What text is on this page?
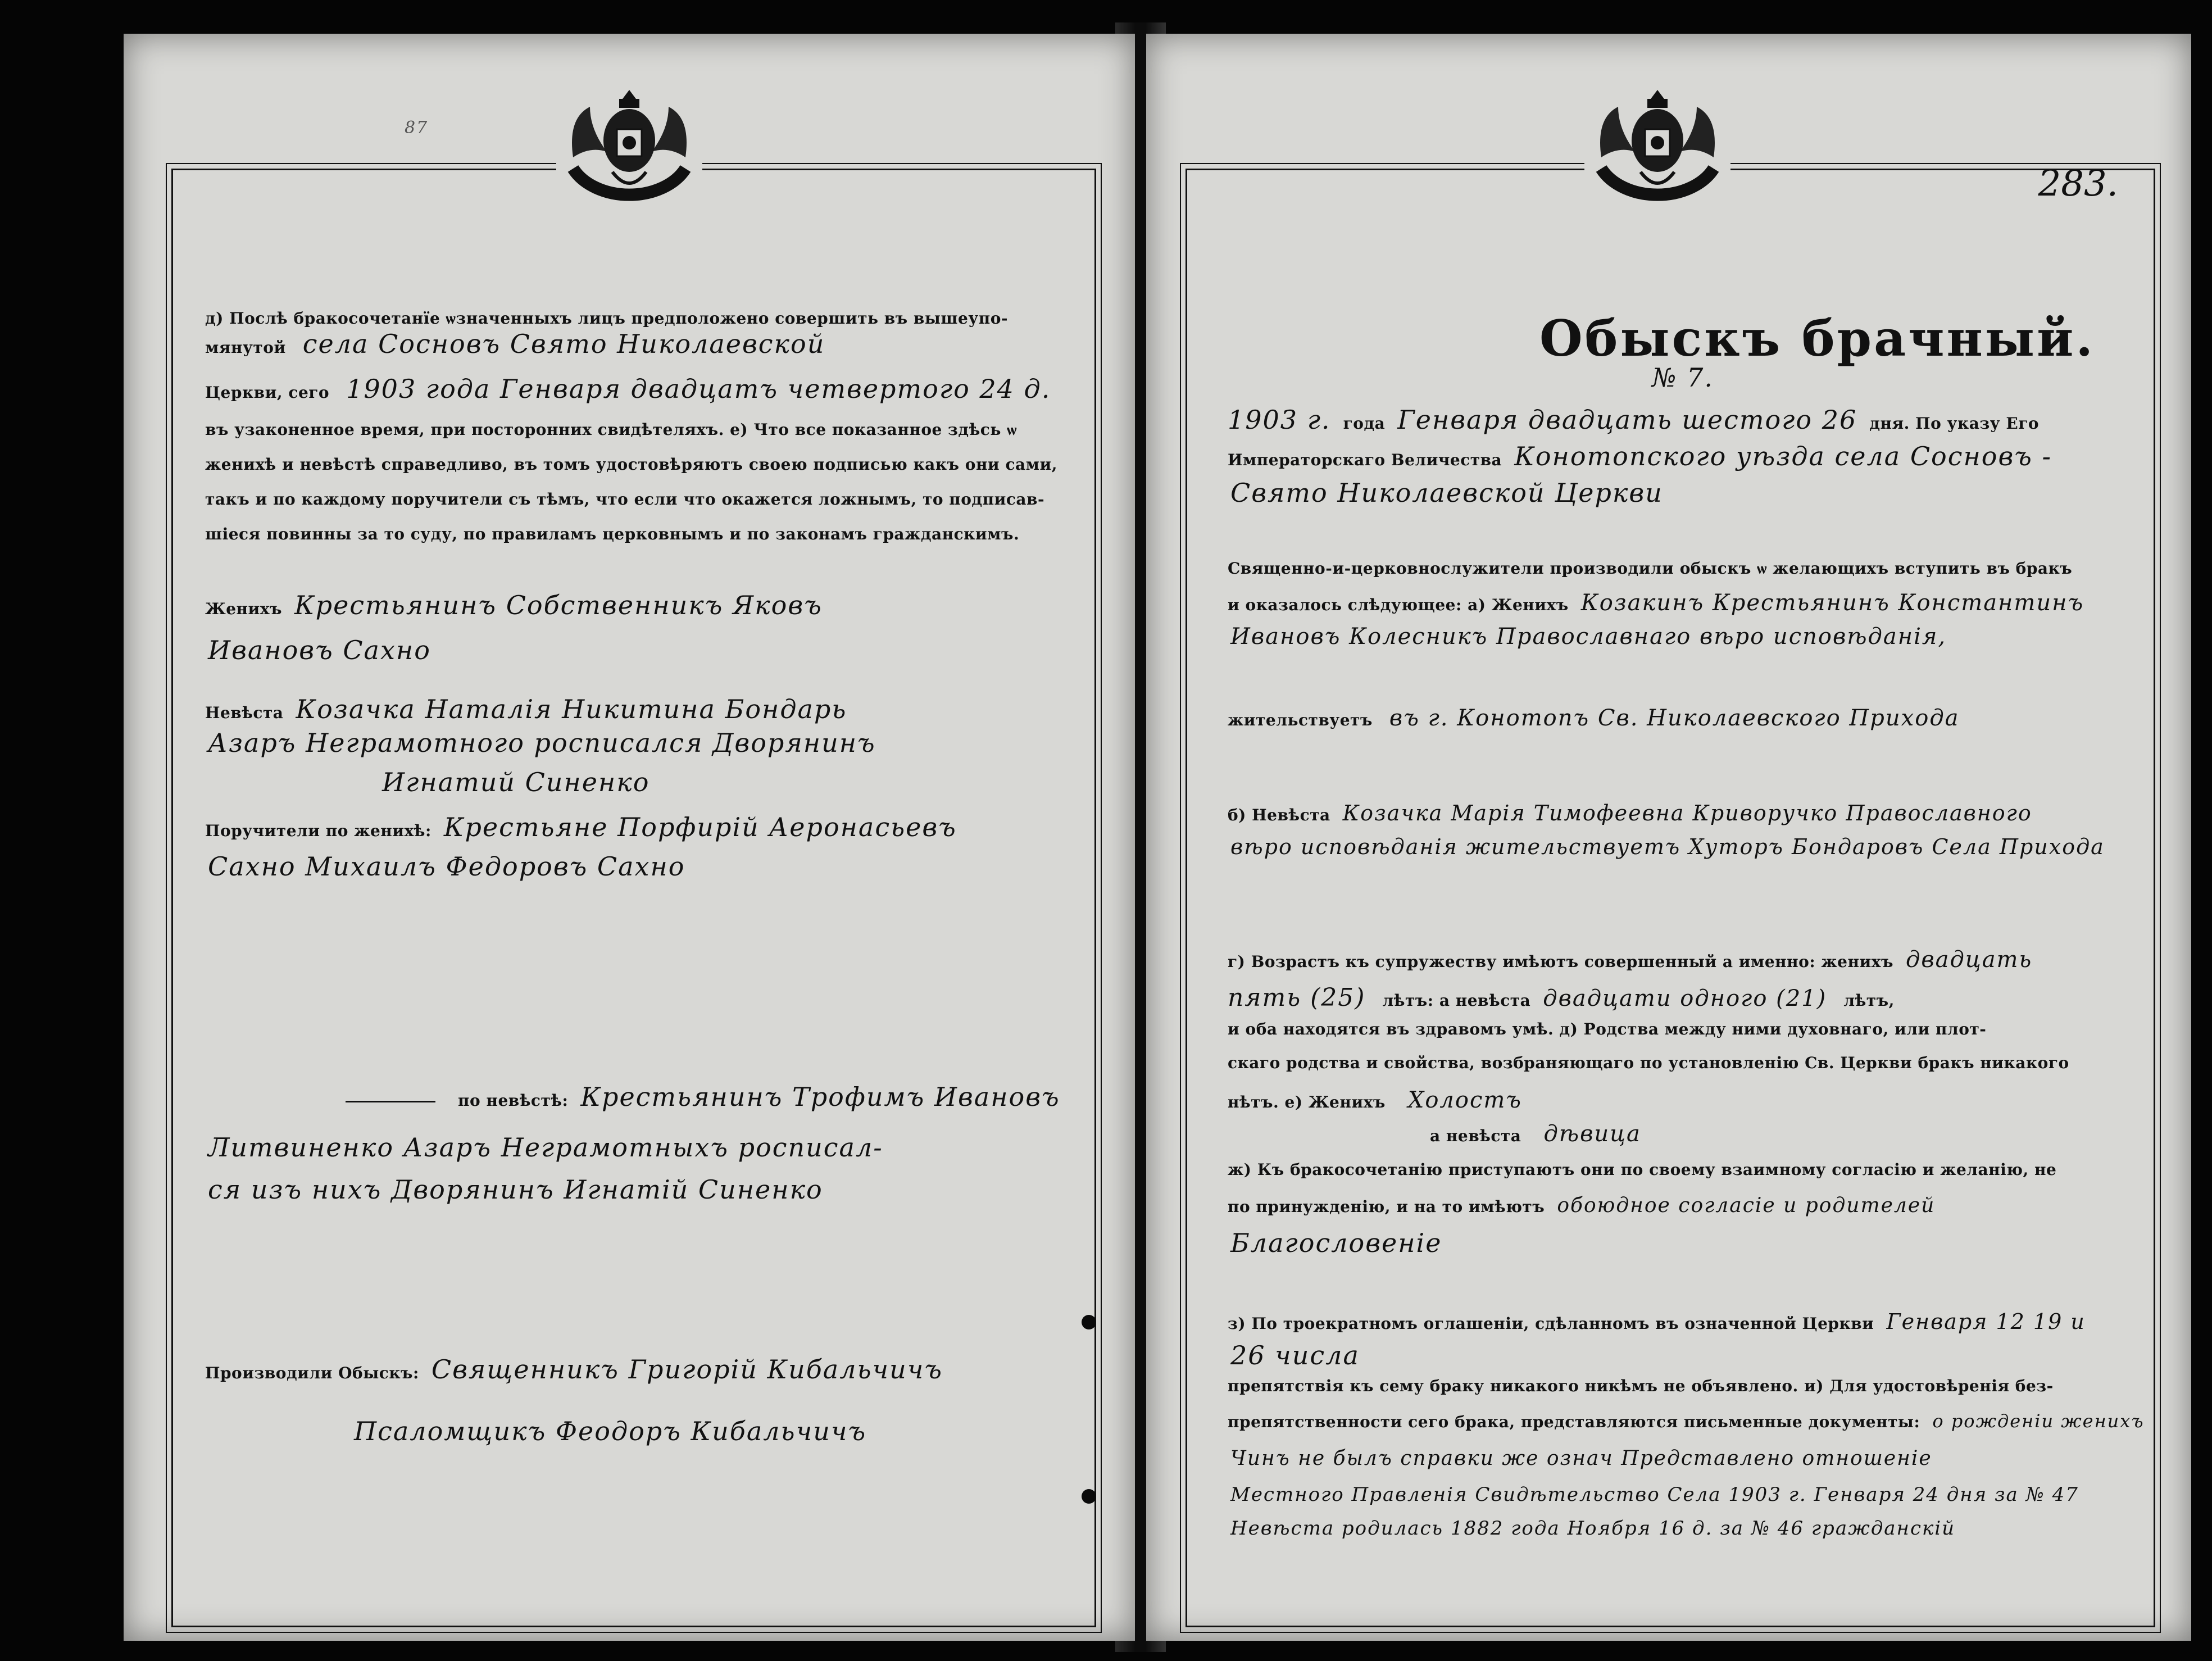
87
д) Послѣ бракосочетанїе ѡзначенныхъ лицъ предположено совершить въ вышеупо-
мянутой села Сосновъ Свято Николаевской
Церкви, сего 1903 года Генваря двадцатъ четвертого 24 д.
въ узаконенное время, при посторонних свидѣтеляхъ. е) Что все показанное здѣсь ѡ
женихѣ и невѣстѣ справедливо, въ томъ удостовѣряютъ своею подписью какъ они сами,
такъ и по каждому поручители съ тѣмъ, что если что окажется ложнымъ, то подписав-
шiеся повинны за то суду, по правиламъ церковнымъ и по законамъ гражданскимъ.
Женихъ Крестьянинъ Собственникъ Яковъ
Ивановъ Сахно
Невѣста Козачка Наталiя Никитина Бондарь
Азаръ Неграмотного росписался Дворянинъ
Игнатий Синенко
Поручители по женихѣ: Крестьяне Порфирiй Аеронасьевъ
Сахно Михаилъ Федоровъ Сахно
по невѣстѣ: Крестьянинъ Трофимъ Ивановъ
Литвиненко Азаръ Неграмотныхъ росписал-
ся изъ нихъ Дворянинъ Игнатiй Синенко
Производили Обыскъ: Священникъ Григорiй Кибальчичъ
Псаломщикъ Феодоръ Кибальчичъ
283.
Обыскъ брачный.
№ 7.
1903 г. года Генваря двадцать шестого 26 дня. По указу Его
Императорскаго Величества Конотопского уѣзда села Сосновъ -
Свято Николаевской Церкви
Священно-и-церковнослужители производили обыскъ ѡ желающихъ вступить въ бракъ
и оказалось слѣдующее: а) Женихъ Козакинъ Крестьянинъ Константинъ
Ивановъ Колесникъ Православнаго вѣро исповѣданiя,
жительствуетъ въ г. Конотопъ Св. Николаевского Прихода
б) Невѣста Козачка Марiя Тимофеевна Криворучко Православного
вѣро исповѣданiя жительствуетъ Хуторъ Бондаровъ Села Прихода
г) Возрастъ къ супружеству имѣютъ совершенный а именно: женихъ двадцать
пять (25) лѣтъ: а невѣста двадцати одного (21) лѣтъ,
и оба находятся въ здравомъ умѣ. д) Родства между ними духовнаго, или плот-
скаго родства и свойства, возбраняющаго по установленiю Св. Церкви бракъ никакого
нѣтъ. е) Женихъ Холостъ
а невѣста дѣвица
ж) Къ бракосочетанiю приступаютъ они по своему взаимному согласiю и желанiю, не
по принужденiю, и на то имѣютъ обоюдное согласiе и родителей
Благословенiе
з) По троекратномъ оглашенiи, сдѣланномъ въ означенной Церкви Генваря 12 19 и
26 числа
препятствiя къ сему браку никакого никѣмъ не объявлено. и) Для удостовѣренiя без-
препятственности сего брака, представляются письменные документы: о рожденiи женихъ
Чинъ не былъ справки же означ Представлено отношенiе
Местного Правленiя Свидѣтельство Села 1903 г. Генваря 24 дня за № 47
Невѣста родилась 1882 года Ноября 16 д. за № 46 гражданскiй
